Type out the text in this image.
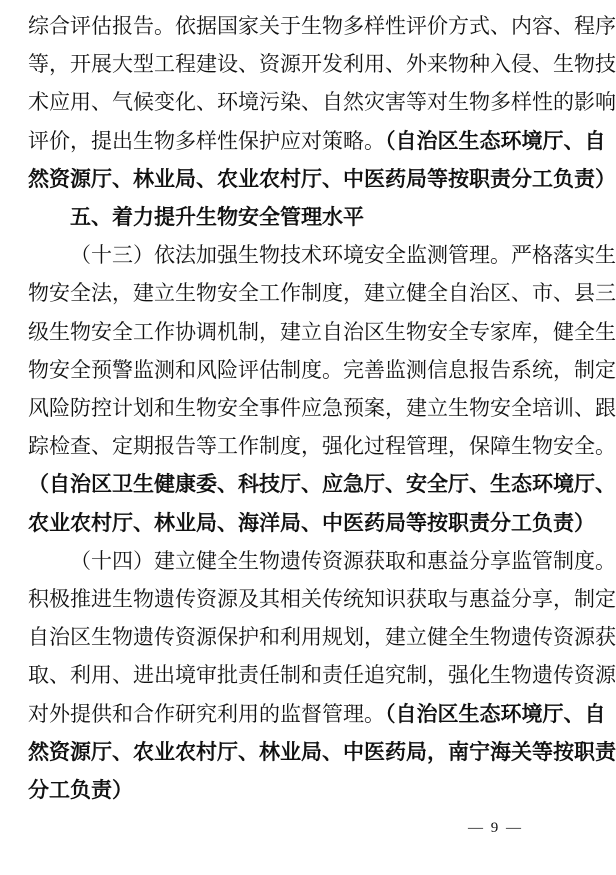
综合评估报告。依据国家关于生物多样性评价方式、内容、程序
等，开展大型工程建设、资源开发利用、外来物种入侵、生物技
术应用、气候变化、环境污染、自然灾害等对生物多样性的影响
评价，提出生物多样性保护应对策略。（自治区生态环境厅、自
然资源厅、林业局、农业农村厅、中医药局等按职责分工负责）
五、着力提升生物安全管理水平
（十三）依法加强生物技术环境安全监测管理。严格落实生
物安全法，建立生物安全工作制度，建立健全自治区、市、县三
级生物安全工作协调机制，建立自治区生物安全专家库，健全生
物安全预警监测和风险评估制度。完善监测信息报告系统，制定
风险防控计划和生物安全事件应急预案，建立生物安全培训、跟
踪检查、定期报告等工作制度，强化过程管理，保障生物安全。
（自治区卫生健康委、科技厅、应急厅、安全厅、生态环境厅、
农业农村厅、林业局、海洋局、中医药局等按职责分工负责）
（十四）建立健全生物遗传资源获取和惠益分享监管制度。
积极推进生物遗传资源及其相关传统知识获取与惠益分享，制定
自治区生物遗传资源保护和利用规划，建立健全生物遗传资源获
取、利用、进出境审批责任制和责任追究制，强化生物遗传资源
对外提供和合作研究利用的监督管理。（自治区生态环境厅、自
然资源厅、农业农村厅、林业局、中医药局，南宁海关等按职责
分工负责）
— 9 —
